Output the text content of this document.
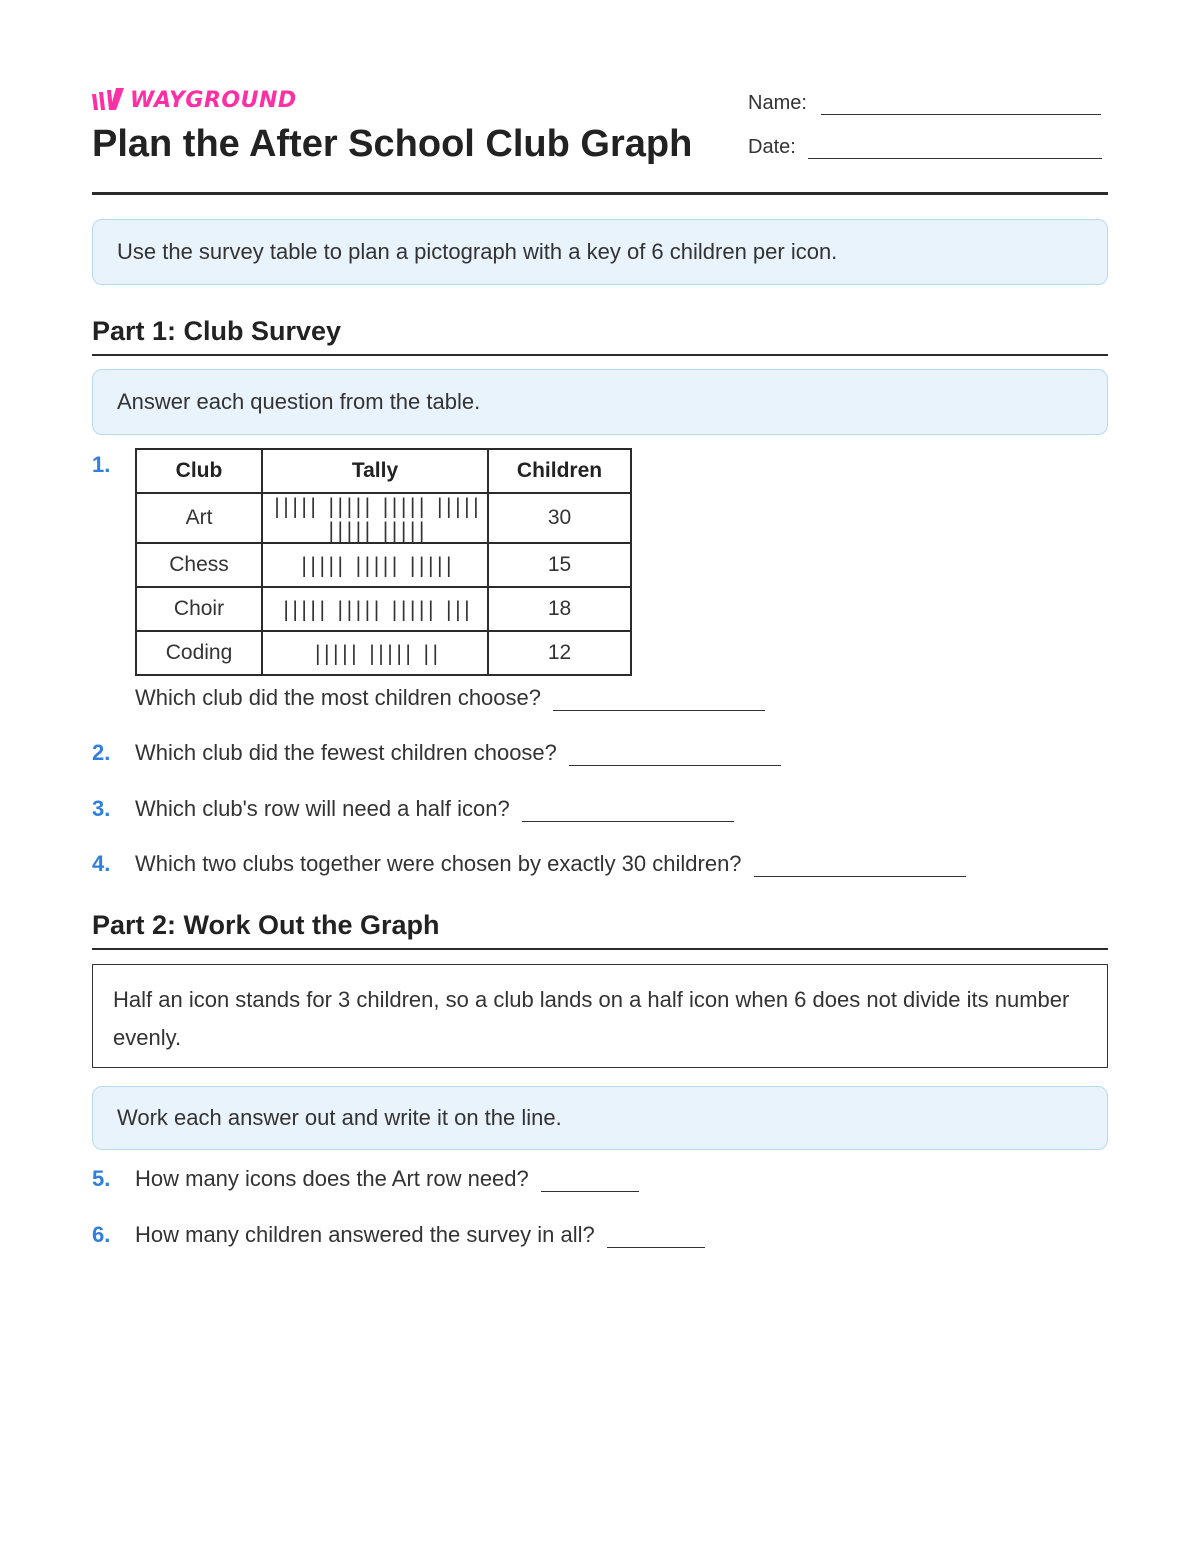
WAYGROUND
Plan the After School Club Graph
Name:
Date:
Use the survey table to plan a pictograph with a key of 6 children per icon.
Part 1: Club Survey
Answer each question from the table.
1.	Club	Tally	Children
Art	||||| ||||| ||||| ||||| ||||| |||||	30
Chess	||||| ||||| |||||	15
Choir	||||| ||||| ||||| |||	18
Coding	||||| ||||| ||	12
Which club did the most children choose?
2. Which club did the fewest children choose?
3. Which club's row will need a half icon?
4. Which two clubs together were chosen by exactly 30 children?
Part 2: Work Out the Graph
Half an icon stands for 3 children, so a club lands on a half icon when 6 does not divide its number evenly.
Work each answer out and write it on the line.
5. How many icons does the Art row need?
6. How many children answered the survey in all?
